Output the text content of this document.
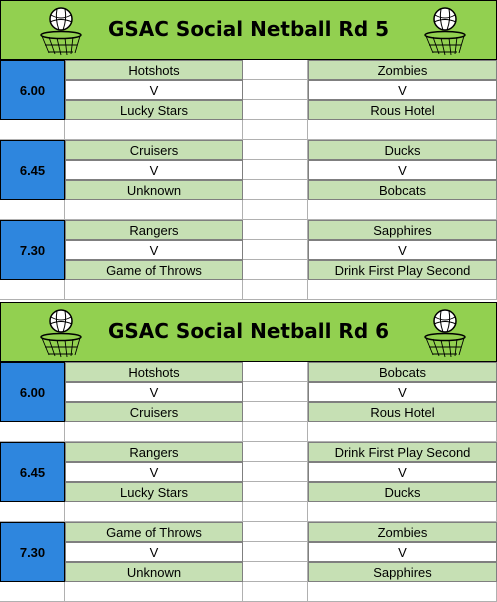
GSAC Social Netball Rd 5
6.00
Hotshots	Zombies
V	V
Lucky Stars	Rous Hotel
6.45
Cruisers	Ducks
V	V
Unknown	Bobcats
7.30
Rangers	Sapphires
V	V
Game of Throws	Drink First Play Second
GSAC Social Netball Rd 6
6.00
Hotshots	Bobcats
V	V
Cruisers	Rous Hotel
6.45
Rangers	Drink First Play Second
V	V
Lucky Stars	Ducks
7.30
Game of Throws	Zombies
V	V
Unknown	Sapphires
